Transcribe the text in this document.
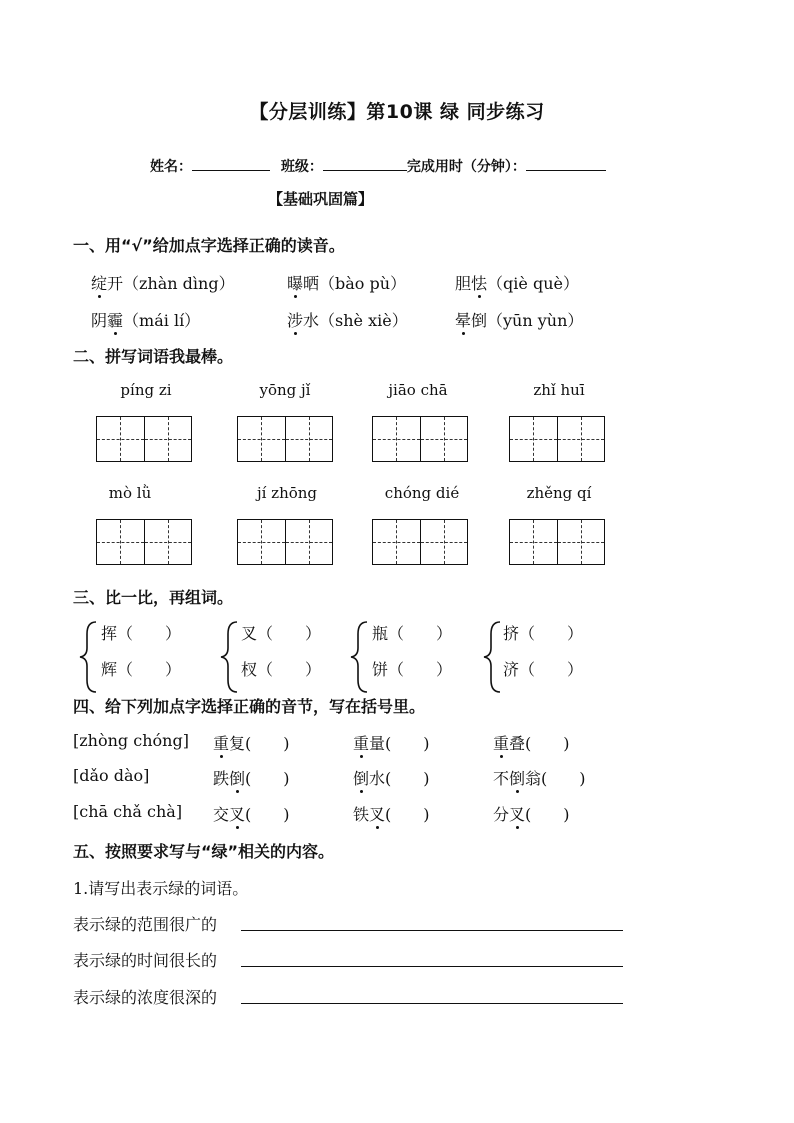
【分层训练】第10课 绿 同步练习
姓名：	班级：	完成用时（分钟）：
【基础巩固篇】
一、用“√”给加点字选择正确的读音。
绽开（zhàn dìng）	曝晒（bào pù）	胆怯（qiè què）
阴霾（mái lí）	涉水（shè xiè）	晕倒（yūn yùn）
二、拼写词语我最棒。
píng zi	yōng jǐ	jiāo chā	zhǐ huī
mò lǜ	jí zhōng	chóng dié	zhěng qí
三、比一比，再组词。
挥（　　）
辉（　　）
叉（　　）
杈（　　）
瓶（　　）
饼（　　）
挤（　　）
济（　　）
四、给下列加点字选择正确的音节，写在括号里。
[zhòng chóng] 重复(　　)	重量(　　)	重叠(　　)
[dǎo dào]	跌倒(　　)	倒水(　　)	不倒翁(　　)
[chā chǎ chà] 交叉(　　)	铁叉(　　)	分叉(　　)
五、按照要求写与“绿”相关的内容。
1.请写出表示绿的词语。
表示绿的范围很广的
表示绿的时间很长的
表示绿的浓度很深的
